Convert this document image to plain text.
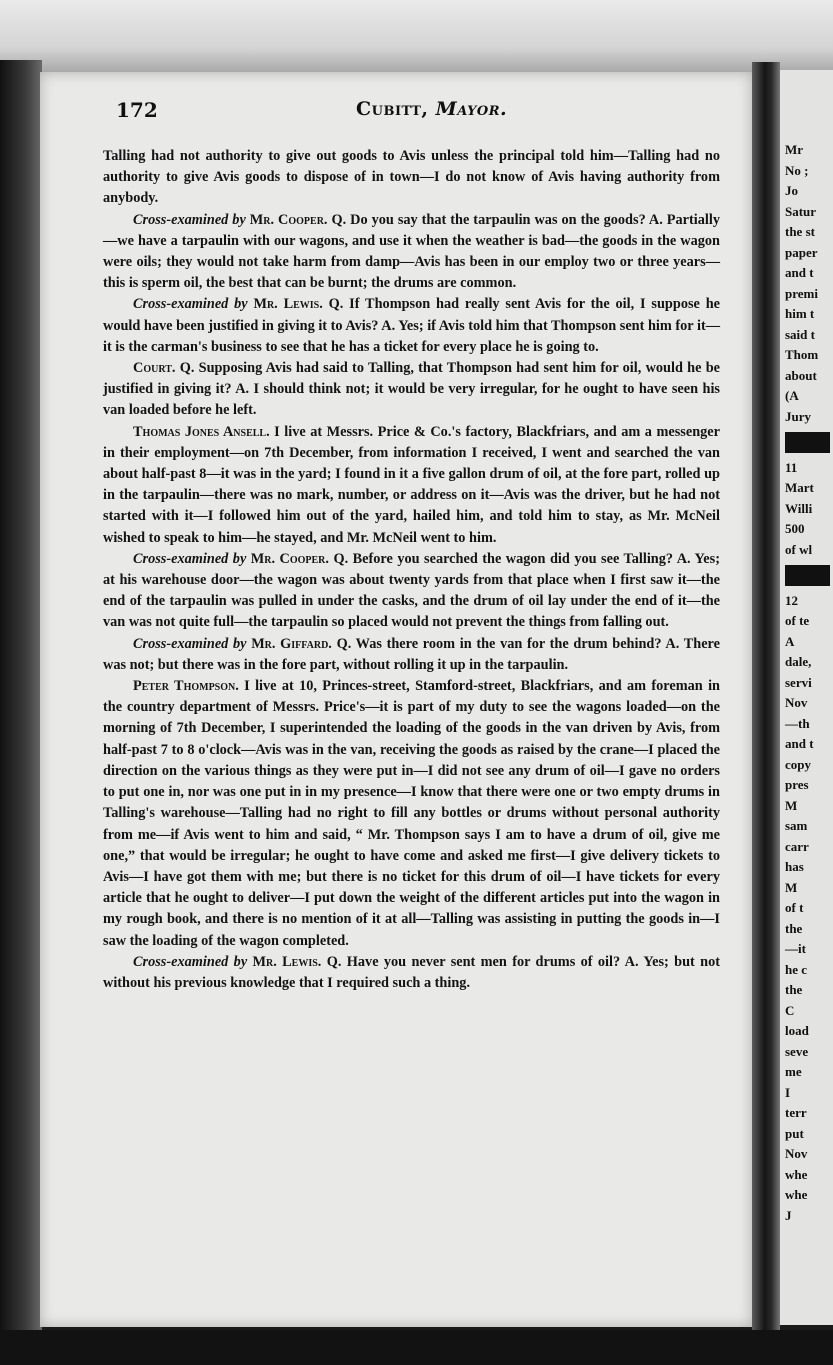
Mr
No ;
Jo
Satur
the st
paper
and t
premi
him t
said t
Thom
about
(A
Jury
11
Mart
Willi
500
of wl
12
of te
A
dale,
servi
Nov
—th
and t
copy
pres
M
sam
carr
has
M
of t
the
—it
he c
the
C
load
seve
me
I
terr
put
Nov
whe
whe
J
172	Cubitt, Mayor.

Talling had not authority to give out goods to Avis unless the principal told him—Talling had no authority to give Avis goods to dispose of in town—I do not know of Avis having authority from anybody.

Cross-examined by Mr. Cooper. Q. Do you say that the tarpaulin was on the goods? A. Partially—we have a tarpaulin with our wagons, and use it when the weather is bad—the goods in the wagon were oils; they would not take harm from damp—Avis has been in our employ two or three years—this is sperm oil, the best that can be burnt; the drums are common.

Cross-examined by Mr. Lewis. Q. If Thompson had really sent Avis for the oil, I suppose he would have been justified in giving it to Avis? A. Yes; if Avis told him that Thompson sent him for it—it is the carman's business to see that he has a ticket for every place he is going to.

Court. Q. Supposing Avis had said to Talling, that Thompson had sent him for oil, would he be justified in giving it? A. I should think not; it would be very irregular, for he ought to have seen his van loaded before he left.

Thomas Jones Ansell. I live at Messrs. Price & Co.'s factory, Blackfriars, and am a messenger in their employment—on 7th December, from information I received, I went and searched the van about half-past 8—it was in the yard; I found in it a five gallon drum of oil, at the fore part, rolled up in the tarpaulin—there was no mark, number, or address on it—Avis was the driver, but he had not started with it—I followed him out of the yard, hailed him, and told him to stay, as Mr. McNeil wished to speak to him—he stayed, and Mr. McNeil went to him.

Cross-examined by Mr. Cooper. Q. Before you searched the wagon did you see Talling? A. Yes; at his warehouse door—the wagon was about twenty yards from that place when I first saw it—the end of the tarpaulin was pulled in under the casks, and the drum of oil lay under the end of it—the van was not quite full—the tarpaulin so placed would not prevent the things from falling out.

Cross-examined by Mr. Giffard. Q. Was there room in the van for the drum behind? A. There was not; but there was in the fore part, without rolling it up in the tarpaulin.

Peter Thompson. I live at 10, Princes-street, Stamford-street, Blackfriars, and am foreman in the country department of Messrs. Price's—it is part of my duty to see the wagons loaded—on the morning of 7th December, I superintended the loading of the goods in the van driven by Avis, from half-past 7 to 8 o'clock—Avis was in the van, receiving the goods as raised by the crane—I placed the direction on the various things as they were put in—I did not see any drum of oil—I gave no orders to put one in, nor was one put in in my presence—I know that there were one or two empty drums in Talling's warehouse—Talling had no right to fill any bottles or drums without personal authority from me—if Avis went to him and said, “ Mr. Thompson says I am to have a drum of oil, give me one,” that would be irregular; he ought to have come and asked me first—I give delivery tickets to Avis—I have got them with me; but there is no ticket for this drum of oil—I have tickets for every article that he ought to deliver—I put down the weight of the different articles put into the wagon in my rough book, and there is no mention of it at all—Talling was assisting in putting the goods in—I saw the loading of the wagon completed.

Cross-examined by Mr. Lewis. Q. Have you never sent men for drums of oil? A. Yes; but not without his previous knowledge that I required such a thing.
